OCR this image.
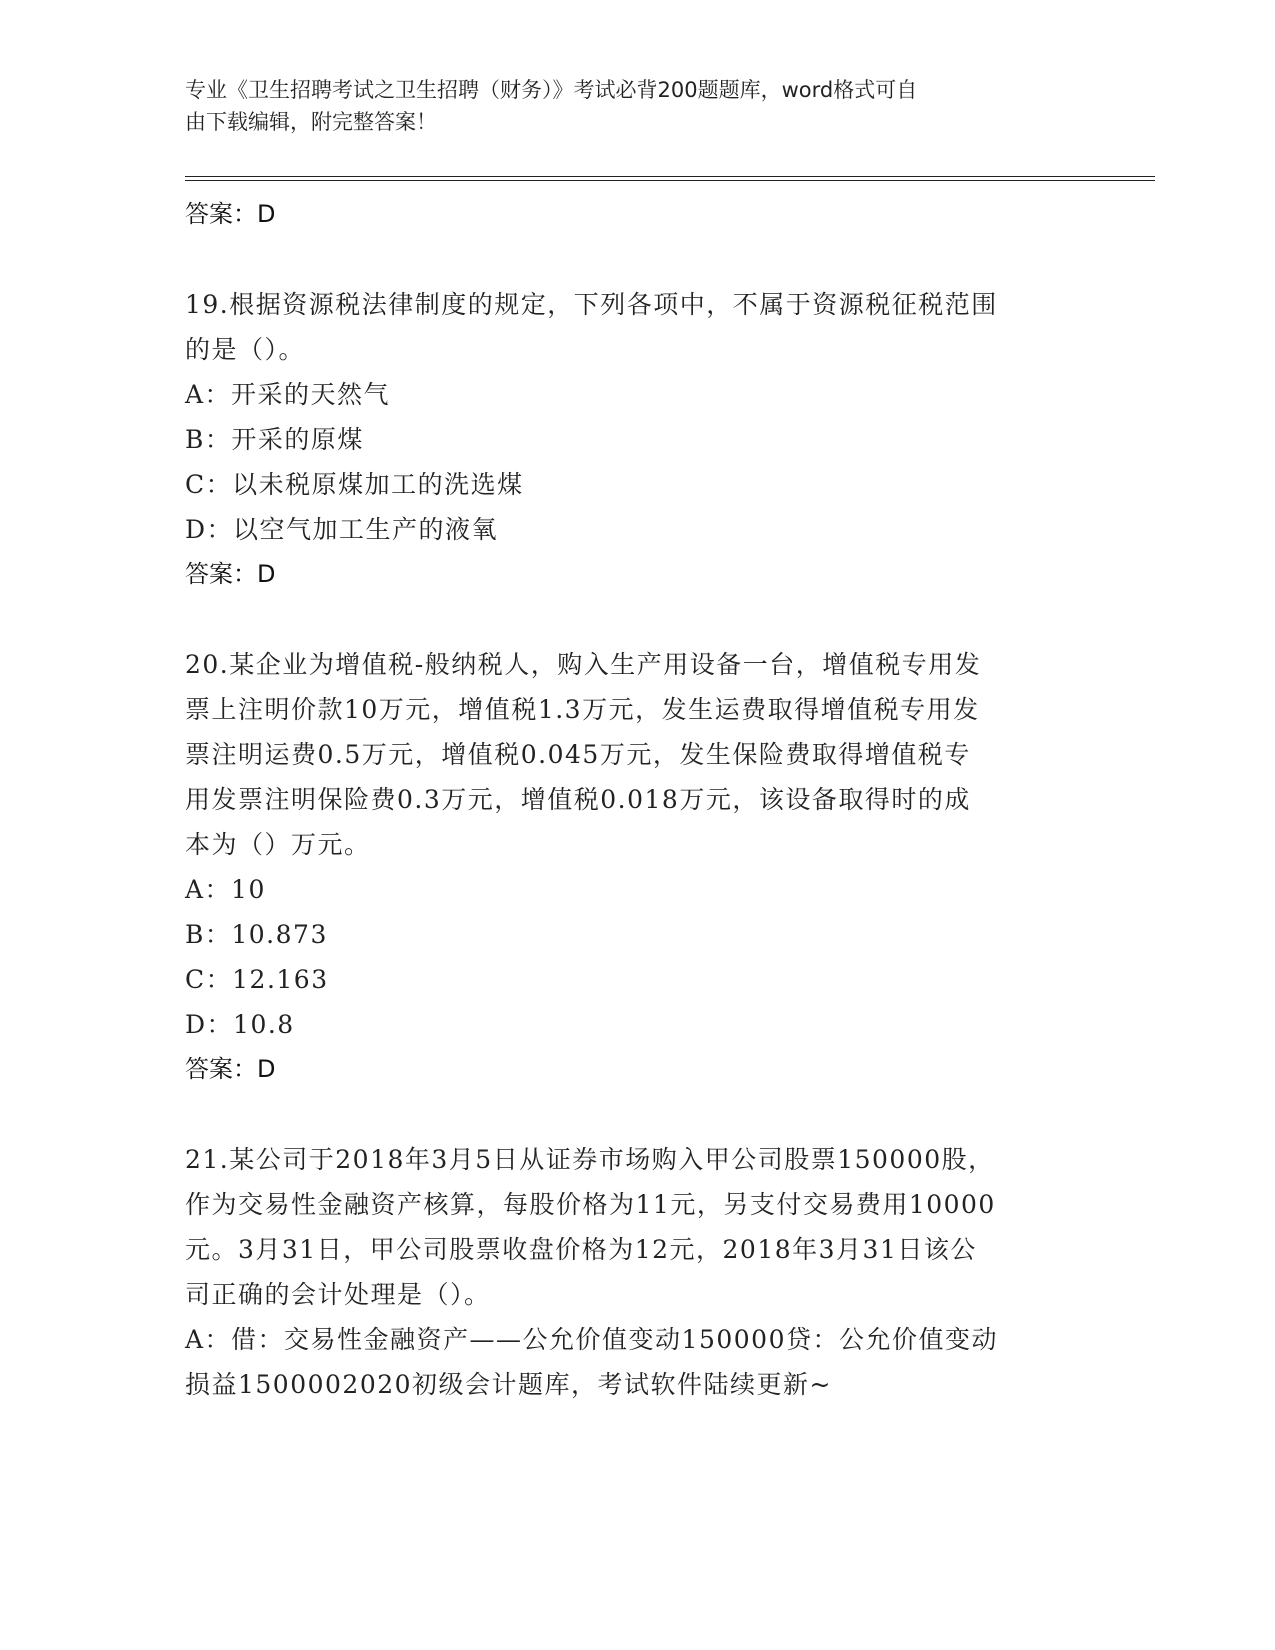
专业《卫生招聘考试之卫生招聘（财务）》考试必背200题题库，word格式可自
由下载编辑，附完整答案！
答案：D
19.根据资源税法律制度的规定，下列各项中，不属于资源税征税范围
的是（）。
A：开采的天然气
B：开采的原煤
C：以未税原煤加工的洗选煤
D：以空气加工生产的液氧
答案：D
20.某企业为增值税-般纳税人，购入生产用设备一台，增值税专用发
票上注明价款10万元，增值税1.3万元，发生运费取得增值税专用发
票注明运费0.5万元，增值税0.045万元，发生保险费取得增值税专
用发票注明保险费0.3万元，增值税0.018万元，该设备取得时的成
本为（）万元。
A：10
B：10.873
C：12.163
D：10.8
答案：D
21.某公司于2018年3月5日从证券市场购入甲公司股票150000股，
作为交易性金融资产核算，每股价格为11元，另支付交易费用10000
元。3月31日，甲公司股票收盘价格为12元，2018年3月31日该公
司正确的会计处理是（）。
A：借：交易性金融资产——公允价值变动150000贷：公允价值变动
损益1500002020初级会计题库，考试软件陆续更新~
